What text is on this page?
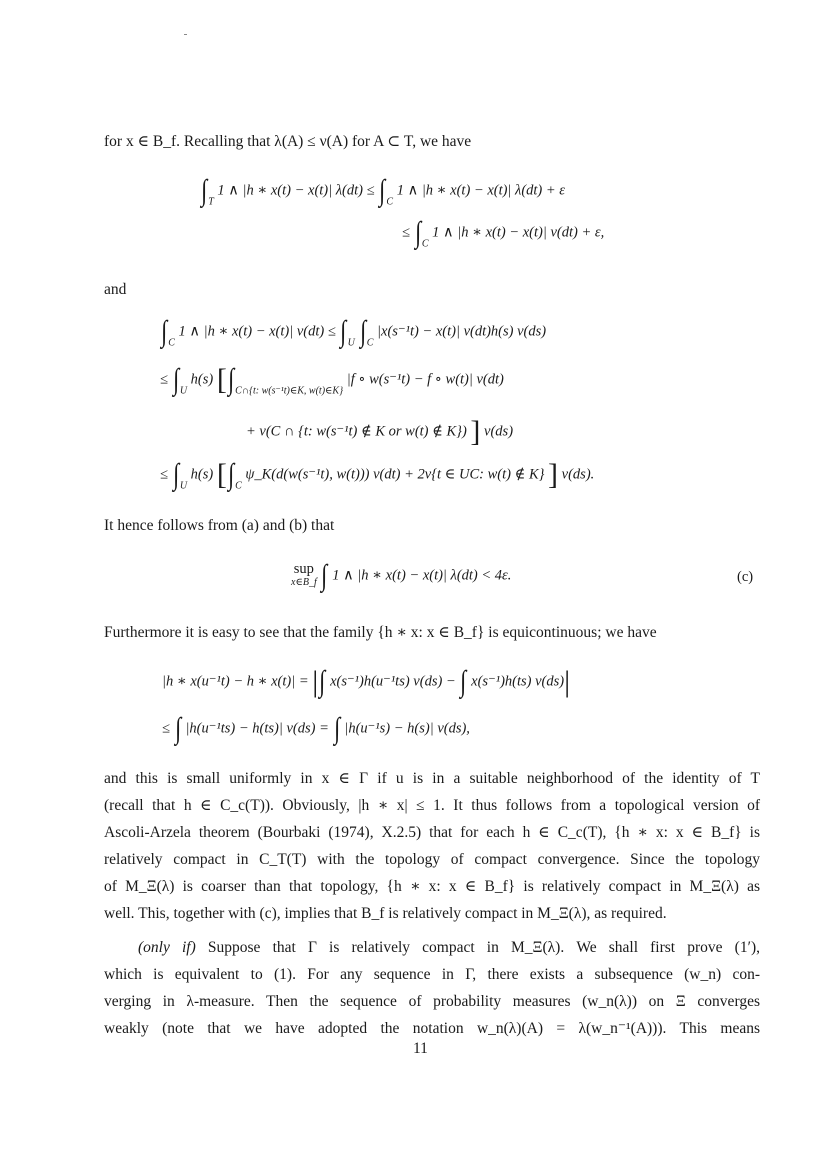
for x ∈ B_f. Recalling that λ(A) ≤ ν(A) for A ⊂ T, we have

$\int_T$ 1 ∧ |h ∗ x(t) − x(t)| $\lambda(dt) \le \int_C$ 1 ∧ |h ∗ x(t) − x(t)| λ(dt) + ε
≤ $\int_C$ 1 ∧ |h ∗ x(t) − x(t)| ν(dt) + ε,

and

$\int_C$ 1 ∧ |h ∗ x(t) − x(t)| $\nu(dt) \le \int_U$ $\int_C$ |x(s⁻¹t) − x(t)| ν(dt)h(s) ν(ds)
≤ $\int_U$ h(s) [$\int_{C\cap\{t: w(s^{-1}t)\in K, w(t)\in K\}}$ |f ∘ w(s⁻¹t) − f ∘ w(t)| ν(dt)
+ ν(C ∩ {t: w(s⁻¹t) ∉ K or w(t) ∉ K}) ] ν(ds)
≤ $\int_U$ h(s) [$\int_C$ ψ_K(d(w(s⁻¹t), w(t))) ν(dt) + 2ν{t ∈ UC: w(t) ∉ K} ] ν(ds).

It hence follows from (a) and (b) that

sup
x∈B_f ∫ 1 ∧ |h ∗ x(t) − x(t)| λ(dt) < 4ε.	(c)

Furthermore it is easy to see that the family {h ∗ x: x ∈ B_f} is equicontinuous; we have

|h ∗ x(u⁻¹t) − h ∗ x(t)| = |∫ x(s⁻¹)h(u⁻¹ts) ν(ds) − ∫ x(s⁻¹)h(ts) ν(ds)|
≤ ∫ |h(u⁻¹ts) − h(ts)| ν(ds) = ∫ |h(u⁻¹s) − h(s)| ν(ds),

and this is small uniformly in x ∈ Γ if u is in a suitable neighborhood of the identity of T

(recall that h ∈ C_c(T)). Obviously, |h ∗ x| ≤ 1. It thus follows from a topological version of

Ascoli-Arzela theorem (Bourbaki (1974), X.2.5) that for each h ∈ C_c(T), {h ∗ x: x ∈ B_f} is

relatively compact in C_T(T) with the topology of compact convergence. Since the topology

of M_Ξ(λ) is coarser than that topology, {h ∗ x: x ∈ B_f} is relatively compact in M_Ξ(λ) as

well. This, together with (c), implies that B_f is relatively compact in M_Ξ(λ), as required.

(only if) Suppose that Γ is relatively compact in M_Ξ(λ). We shall first prove (1′),

which is equivalent to (1). For any sequence in Γ, there exists a subsequence (w_n) con-

verging in λ-measure. Then the sequence of probability measures (w_n(λ)) on Ξ converges

weakly (note that we have adopted the notation w_n(λ)(A) = λ(w_n⁻¹(A))). This means

11
